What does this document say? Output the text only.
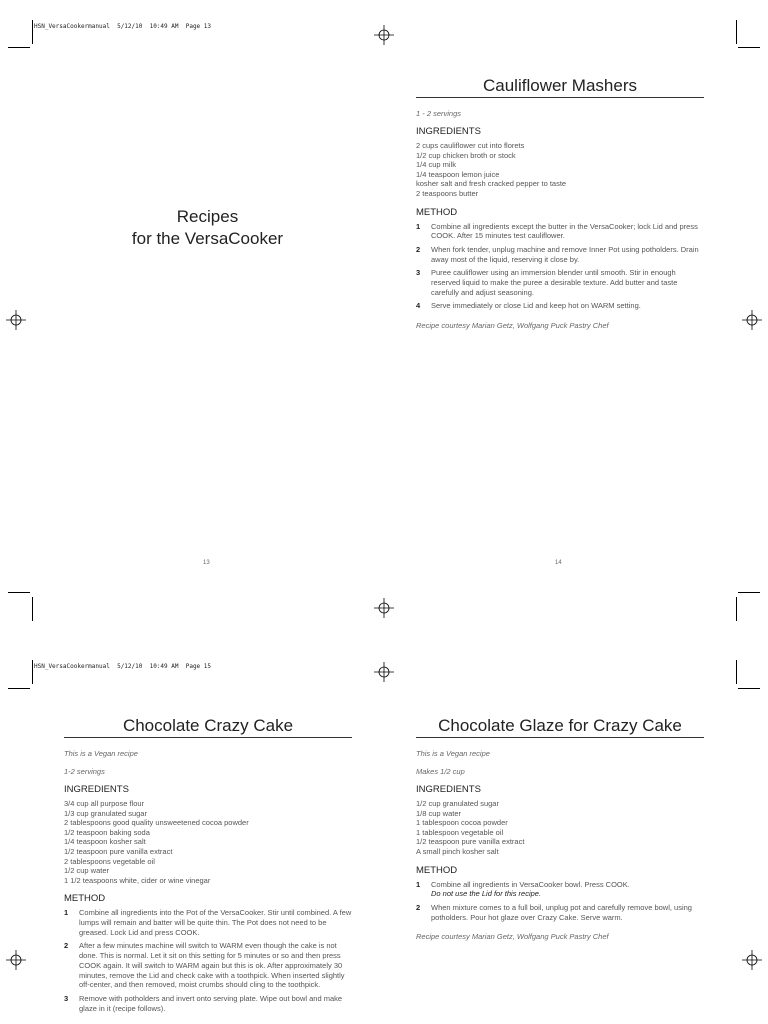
HSN_VersaCookermanual  5/12/10  10:49 AM  Page 13
Recipes
for the VersaCooker
13	14
Cauliflower Mashers
1 - 2 servings
INGREDIENTS
2 cups cauliflower cut into florets
1/2 cup chicken broth or stock
1/4 cup milk
1/4 teaspoon lemon juice
kosher salt and fresh cracked pepper to taste
2 teaspoons butter
METHOD
1	Combine all ingredients except the butter in the VersaCooker; lock Lid and press COOK. After 15 minutes test cauliflower.
2	When fork tender, unplug machine and remove Inner Pot using potholders. Drain away most of the liquid, reserving it close by.
3	Puree cauliflower using an immersion blender until smooth. Stir in enough reserved liquid to make the puree a desirable texture. Add butter and taste carefully and adjust seasoning.
4	Serve immediately or close Lid and keep hot on WARM setting.
Recipe courtesy Marian Getz, Wolfgang Puck Pastry Chef
HSN_VersaCookermanual  5/12/10  10:49 AM  Page 15
Chocolate Crazy Cake
This is a Vegan recipe
1-2 servings
INGREDIENTS
3/4 cup all purpose flour
1/3 cup granulated sugar
2 tablespoons good quality unsweetened cocoa powder
1/2 teaspoon baking soda
1/4 teaspoon kosher salt
1/2 teaspoon pure vanilla extract
2 tablespoons vegetable oil
1/2 cup water
1 1/2 teaspoons white, cider or wine vinegar
METHOD
1	Combine all ingredients into the Pot of the VersaCooker. Stir until combined. A few lumps will remain and batter will be quite thin. The Pot does not need to be greased. Lock Lid and press COOK.
2	After a few minutes machine will switch to WARM even though the cake is not done. This is normal. Let it sit on this setting for 5 minutes or so and then press COOK again. It will switch to WARM again but this is ok. After approximately 30 minutes, remove the Lid and check cake with a toothpick. When inserted slightly off-center, and then removed, moist crumbs should cling to the toothpick.
3	Remove with potholders and invert onto serving plate. Wipe out bowl and make glaze in it (recipe follows).
Chocolate Glaze for Crazy Cake
This is a Vegan recipe
Makes 1/2 cup
INGREDIENTS
1/2 cup granulated sugar
1/8 cup water
1 tablespoon cocoa powder
1 tablespoon vegetable oil
1/2 teaspoon pure vanilla extract
A small pinch kosher salt
METHOD
1	Combine all ingredients in VersaCooker bowl. Press COOK.
Do not use the Lid for this recipe.
2	When mixture comes to a full boil, unplug pot and carefully remove bowl, using potholders. Pour hot glaze over Crazy Cake. Serve warm.
Recipe courtesy Marian Getz, Wolfgang Puck Pastry Chef
